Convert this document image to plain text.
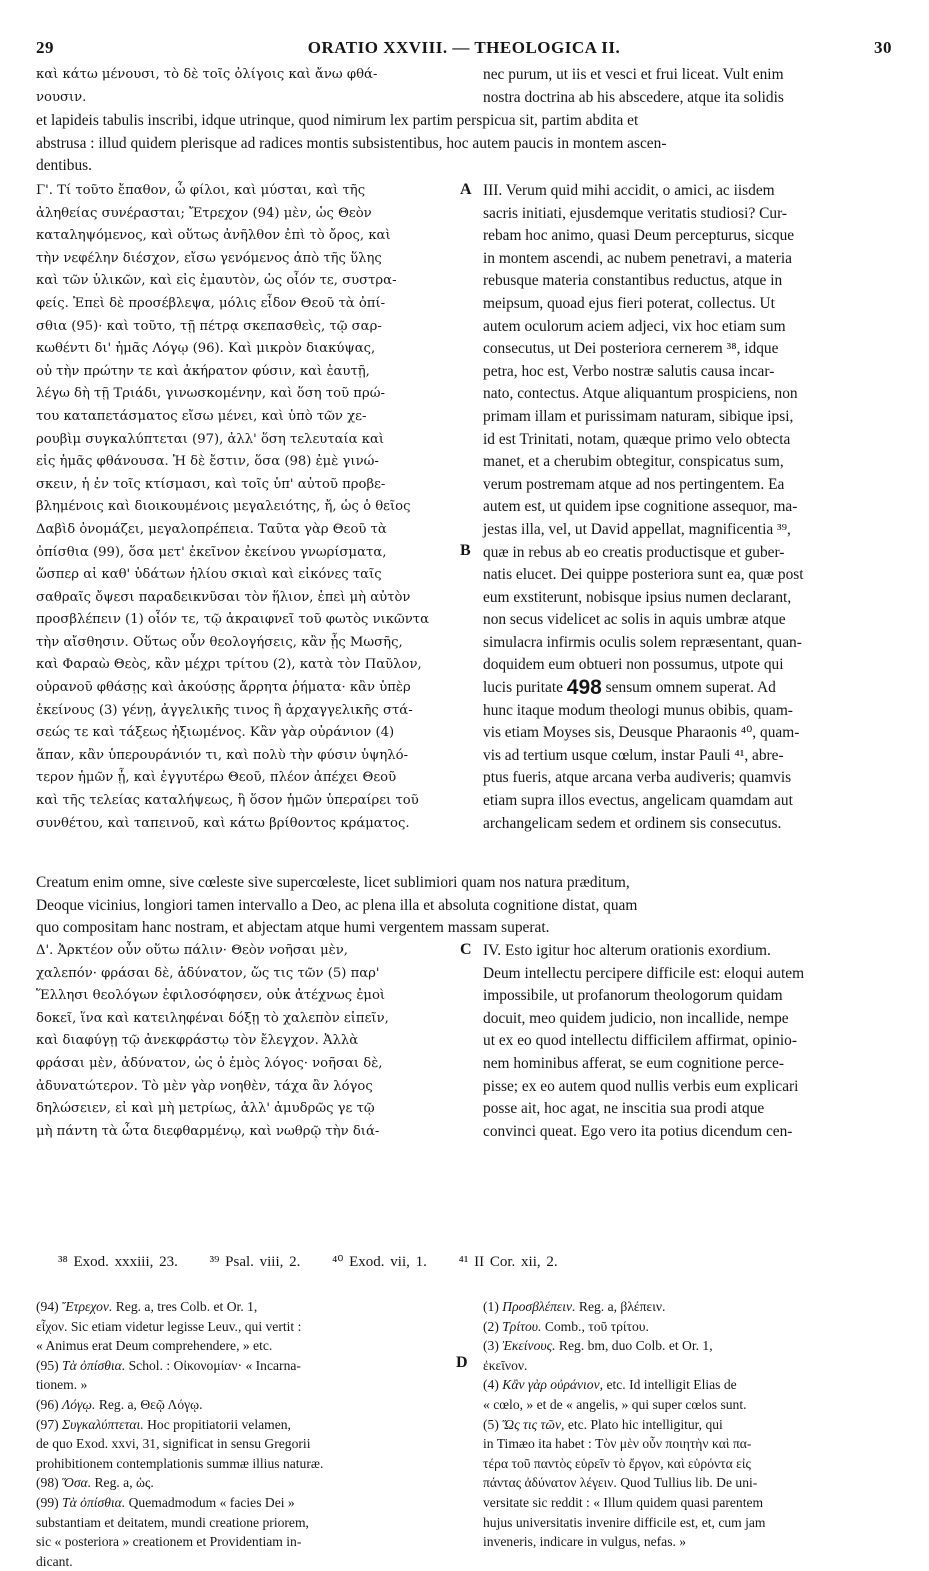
29	ORATIO XXVIII. — THEOLOGICA II.	30
καὶ κάτω μένουσι, τὸ δὲ τοῖς ὀλίγοις καὶ ἄνω φθά-
νουσιν.
nec purum, ut iis et vesci et frui liceat. Vult enim
nostra doctrina ab his abscedere, atque ita solidis
et lapideis tabulis inscribi, idque utrinque, quod nimirum lex partim perspicua sit, partim abdita et
abstrusa : illud quidem plerisque ad radices montis subsistentibus, hoc autem paucis in montem ascen-
dentibus.
Γ'. Τί τοῦτο ἔπαθον, ὦ φίλοι, καὶ μύσται, καὶ τῆς
ἀληθείας συνέρασται; Ἔτρεχον (94) μὲν, ὡς Θεὸν
καταληψόμενος, καὶ οὕτως ἀνῆλθον ἐπὶ τὸ ὄρος, καὶ
τὴν νεφέλην διέσχον, εἴσω γενόμενος ἀπὸ τῆς ὕλης
καὶ τῶν ὑλικῶν, καὶ εἰς ἐμαυτὸν, ὡς οἷόν τε, συστρα-
φείς. Ἐπεὶ δὲ προσέβλεψα, μόλις εἶδον Θεοῦ τὰ ὀπί-
σθια (95)· καὶ τοῦτο, τῇ πέτρᾳ σκεπασθεὶς, τῷ σαρ-
κωθέντι δι' ἡμᾶς Λόγῳ (96). Καὶ μικρὸν διακύψας,
οὐ τὴν πρώτην τε καὶ ἀκήρατον φύσιν, καὶ ἑαυτῇ,
λέγω δὴ τῇ Τριάδι, γινωσκομένην, καὶ ὅση τοῦ πρώ-
του καταπετάσματος εἴσω μένει, καὶ ὑπὸ τῶν χε-
ρουβὶμ συγκαλύπτεται (97), ἀλλ' ὅση τελευταία καὶ
εἰς ἡμᾶς φθάνουσα. Ἡ δὲ ἔστιν, ὅσα (98) ἐμὲ γινώ-
σκειν, ἡ ἐν τοῖς κτίσμασι, καὶ τοῖς ὑπ' αὐτοῦ προβε-
βλημένοις καὶ διοικουμένοις μεγαλειότης, ἤ, ὡς ὁ θεῖος
Δαβὶδ ὀνομάζει, μεγαλοπρέπεια. Ταῦτα γὰρ Θεοῦ τὰ
ὀπίσθια (99), ὅσα μετ' ἐκεῖνον ἐκείνου γνωρίσματα,
ὥσπερ αἱ καθ' ὑδάτων ἡλίου σκιαὶ καὶ εἰκόνες ταῖς
σαθραῖς ὄψεσι παραδεικνῦσαι τὸν ἥλιον, ἐπεὶ μὴ αὐτὸν
προσβλέπειν (1) οἷόν τε, τῷ ἀκραιφνεῖ τοῦ φωτὸς νικῶντα
τὴν αἴσθησιν. Οὕτως οὖν θεολογήσεις, κἂν ᾖς Μωσῆς,
καὶ Φαραὼ Θεὸς, κἂν μέχρι τρίτου (2), κατὰ τὸν Παῦλον,
οὐρανοῦ φθάσῃς καὶ ἀκούσῃς ἄρρητα ῥήματα· κἂν ὑπὲρ
ἐκείνους (3) γένῃ, ἀγγελικῆς τινος ἢ ἀρχαγγελικῆς στά-
σεώς τε καὶ τάξεως ἠξιωμένος. Κἂν γὰρ οὐράνιον (4)
ἅπαν, κἂν ὑπερουράνιόν τι, καὶ πολὺ τὴν φύσιν ὑψηλό-
τερον ἡμῶν ᾖ, καὶ ἐγγυτέρω Θεοῦ, πλέον ἀπέχει Θεοῦ
καὶ τῆς τελείας καταλήψεως, ἢ ὅσον ἡμῶν ὑπεραίρει τοῦ
συνθέτου, καὶ ταπεινοῦ, καὶ κάτω βρίθοντος κράματος.
III. Verum quid mihi accidit, o amici, ac iisdem
sacris initiati, ejusdemque veritatis studiosi? Cur-
rebam hoc animo, quasi Deum percepturus, sicque
in montem ascendi, ac nubem penetravi, a materia
rebusque materia constantibus reductus, atque in
meipsum, quoad ejus fieri poterat, collectus. Ut
autem oculorum aciem adjeci, vix hoc etiam sum
consecutus, ut Dei posteriora cernerem ³⁸, idque
petra, hoc est, Verbo nostræ salutis causa incar-
nato, contectus. Atque aliquantum prospiciens, non
primam illam et purissimam naturam, sibique ipsi,
id est Trinitati, notam, quæque primo velo obtecta
manet, et a cherubim obtegitur, conspicatus sum,
verum postremam atque ad nos pertingentem. Ea
autem est, ut quidem ipse cognitione assequor, ma-
jestas illa, vel, ut David appellat, magnificentia ³⁹,
quæ in rebus ab eo creatis productisque et guber-
natis elucet. Dei quippe posteriora sunt ea, quæ post
eum exstiterunt, nobisque ipsius numen declarant,
non secus videlicet ac solis in aquis umbræ atque
simulacra infirmis oculis solem repræsentant, quan-
doquidem eum obtueri non possumus, utpote qui
lucis puritate 498 sensum omnem superat. Ad
hunc itaque modum theologi munus obibis, quam-
vis etiam Moyses sis, Deusque Pharaonis ⁴⁰, quam-
vis ad tertium usque cœlum, instar Pauli ⁴¹, abre-
ptus fueris, atque arcana verba audiveris; quamvis
etiam supra illos evectus, angelicam quamdam aut
archangelicam sedem et ordinem sis consecutus.
Creatum enim omne, sive cœleste sive supercœleste, licet sublimiori quam nos natura præditum,
Deoque vicinius, longiori tamen intervallo a Deo, ac plena illa et absoluta cognitione distat, quam
quo compositam hanc nostram, et abjectam atque humi vergentem massam superat.
Δ'. Ἀρκτέον οὖν οὕτω πάλιν· Θεὸν νοῆσαι μὲν,
χαλεπόν· φράσαι δὲ, ἀδύνατον, ὥς τις τῶν (5) παρ'
Ἕλλησι θεολόγων ἐφιλοσόφησεν, οὐκ ἀτέχνως ἐμοὶ
δοκεῖ, ἵνα καὶ κατειληφέναι δόξῃ τὸ χαλεπὸν εἰπεῖν,
καὶ διαφύγῃ τῷ ἀνεκφράστῳ τὸν ἔλεγχον. Ἀλλὰ
φράσαι μὲν, ἀδύνατον, ὡς ὁ ἐμὸς λόγος· νοῆσαι δὲ,
ἀδυνατώτερον. Τὸ μὲν γὰρ νοηθὲν, τάχα ἂν λόγος
δηλώσειεν, εἰ καὶ μὴ μετρίως, ἀλλ' ἀμυδρῶς γε τῷ
μὴ πάντη τὰ ὦτα διεφθαρμένῳ, καὶ νωθρῷ τὴν διά-
IV. Esto igitur hoc alterum orationis exordium.
Deum intellectu percipere difficile est: eloqui autem
impossibile, ut profanorum theologorum quidam
docuit, meo quidem judicio, non incallide, nempe
ut ex eo quod intellectu difficilem affirmat, opinio-
nem hominibus afferat, se eum cognitione perce-
pisse; ex eo autem quod nullis verbis eum explicari
posse ait, hoc agat, ne inscitia sua prodi atque
convinci queat. Ego vero ita potius dicendum cen-
A
B
C
D
³⁸ Exod. xxxiii, 23. ³⁹ Psal. viii, 2. ⁴⁰ Exod. vii, 1. ⁴¹ II Cor. xii, 2.
(94) Ἔτρεχον. Reg. a, tres Colb. et Or. 1,
εἶχον. Sic etiam videtur legisse Leuv., qui vertit :
« Animus erat Deum comprehendere, » etc.
(95) Τὰ ὀπίσθια. Schol. : Οἰκονομίαν· « Incarna-
tionem. »
(96) Λόγῳ. Reg. a, Θεῷ Λόγῳ.
(97) Συγκαλύπτεται. Hoc propitiatorii velamen,
de quo Exod. xxvi, 31, significat in sensu Gregorii
prohibitionem contemplationis summæ illius naturæ.
(98) Ὅσα. Reg. a, ὡς.
(99) Τὰ ὀπίσθια. Quemadmodum « facies Dei »
substantiam et deitatem, mundi creatione priorem,
sic « posteriora » creationem et Providentiam in-
dicant.
(1) Προσβλέπειν. Reg. a, βλέπειν.
(2) Τρίτου. Comb., τοῦ τρίτου.
(3) Ἐκείνους. Reg. bm, duo Colb. et Or. 1,
ἐκεῖνον.
(4) Κἂν γὰρ οὐράνιον, etc. Id intelligit Elias de
« cœlo, » et de « angelis, » qui super cœlos sunt.
(5) Ὥς τις τῶν, etc. Plato hic intelligitur, qui
in Timæo ita habet : Τὸν μὲν οὖν ποιητὴν καὶ πα-
τέρα τοῦ παντὸς εὑρεῖν τὸ ἔργον, καὶ εὑρόντα εἰς
πάντας ἀδύνατον λέγειν. Quod Tullius lib. De uni-
versitate sic reddit : « Illum quidem quasi parentem
hujus universitatis invenire difficile est, et, cum jam
inveneris, indicare in vulgus, nefas. »
